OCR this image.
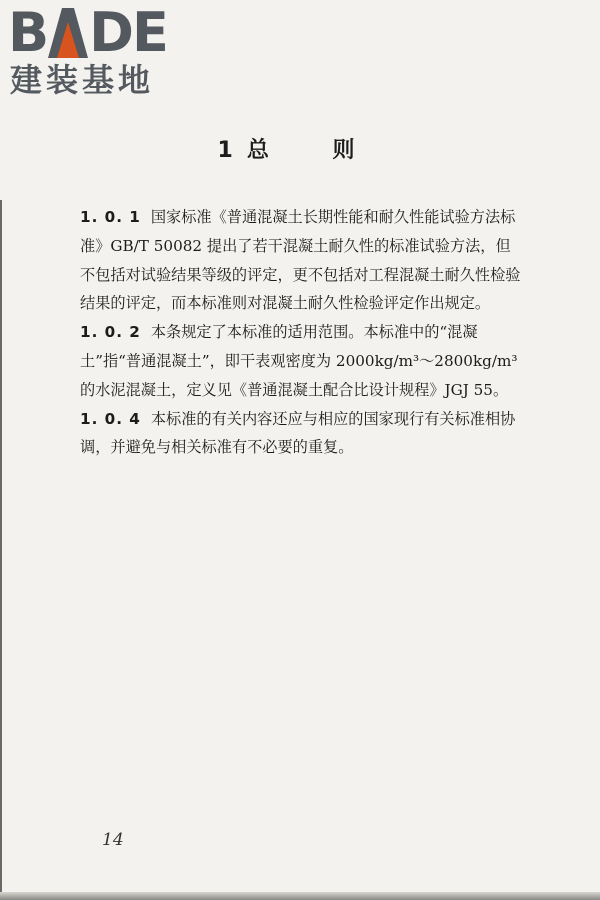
B DE
建装基地
1 总 则

1. 0. 1 国家标准《普通混凝土长期性能和耐久性能试验方法标准》GB/T 50082 提出了若干混凝土耐久性的标准试验方法，但不包括对试验结果等级的评定，更不包括对工程混凝土耐久性检验结果的评定，而本标准则对混凝土耐久性检验评定作出规定。

1. 0. 2 本条规定了本标准的适用范围。本标准中的“混凝土”指“普通混凝土”，即干表观密度为 2000kg/m³～2800kg/m³ 的水泥混凝土，定义见《普通混凝土配合比设计规程》JGJ 55。

1. 0. 4 本标准的有关内容还应与相应的国家现行有关标准相协调，并避免与相关标准有不必要的重复。

14
